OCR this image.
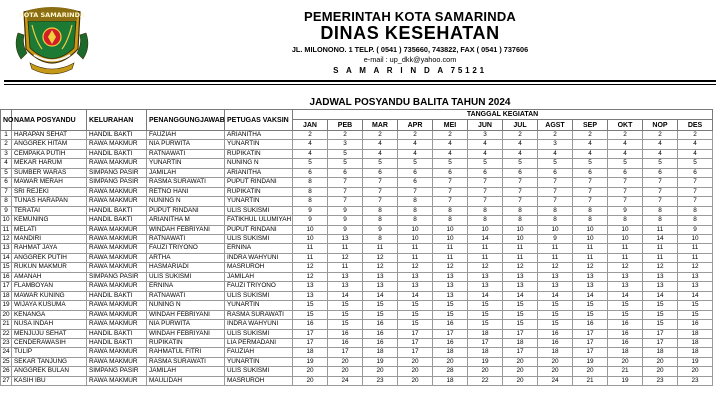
KOTA SAMARINDA	PEMERINTAH KOTA SAMARINDA
DINAS KESEHATAN
JL. MILONONO. 1 TELP. ( 0541 ) 735660, 743822, FAX ( 0541 ) 737606
e-mail : up_dkk@yahoo.com
S A M A R I N D A 75121
JADWAL POSYANDU BALITA TAHUN 2024
NO	NAMA POSYANDU	KELURAHAN	PENANGGUNGJAWAB	PETUGAS VAKSIN	TANGGAL KEGIATAN											
					JAN	PEB	MAR	APR	MEI	JUN	JUL	AGST	SEP	OKT	NOP	DES
1	HARAPAN SEHAT	HANDIL BAKTI	FAUZIAH	ARIANITHA	2	2	2	2	2	3	2	2	2	2	2	2
2	ANGGREK HITAM	RAWA MAKMUR	NIA PURWITA	YUNARTIN	4	3	4	4	4	4	4	3	4	4	4	4
3	CEMPAKA PUTIH	HANDIL BAKTI	RATNAWATI	RUPIKATIN	4	5	4	4	4	4	4	4	4	4	4	4
4	MEKAR HARUM	RAWA MAKMUR	YUNARTIN	NUNING N	5	5	5	5	5	5	5	5	5	5	5	5
5	SUMBER WARAS	SIMPANG PASIR	JAMILAH	ARIANITHA	6	6	6	6	6	6	6	6	6	6	6	6
6	MAWAR MERAH	SIMPANG PASIR	RASMA SURAWATI	PUPUT RINDANI	8	7	7	6	7	7	7	7	7	7	7	7
7	SRI REJEKI	RAWA MAKMUR	RETNO HANI	RUPIKATIN	8	7	7	7	7	7	7	7	7	7	7	7
8	TUNAS HARAPAN	RAWA MAKMUR	NUNING N	YUNARTIN	8	7	7	8	7	7	7	7	7	7	7	7
9	TERATAI	HANDIL BAKTI	PUPUT RINDANI	ULIS SUKISMI	9	9	8	8	8	8	8	8	8	9	8	8
10	KEMUNING	HANDIL BAKTI	ARIANITHA M	FATIKHUL ULUMIYAH	9	9	8	8	8	8	8	8	8	8	8	8
11	MELATI	RAWA MAKMUR	WINDAH FEBRIYANI	PUPUT RINDANI	10	9	9	10	10	10	10	10	10	10	11	9
12	MANDIRI	RAWA MAKMUR	RATNAWATI	ULIS SUKISMI	10	13	8	10	10	14	10	9	10	10	14	10
13	RAHMAT JAYA	RAWA MAKMUR	FAUZI TRIYONO	ERNINA	11	11	11	11	11	11	11	11	11	11	11	11
14	ANGGREK PUTIH	RAWA MAKMUR	ARTHA	INDRA WAHYUNI	11	12	12	11	11	11	11	11	11	11	11	11
15	RUKUN MAKMUR	RAWA MAKMUR	HASMARIADI	MASRUROH	12	11	12	12	12	12	12	12	12	12	12	12
16	AMANAH	SIMPANG PASIR	ULIS SUKISMI	JAMILAH	12	13	13	13	13	13	13	13	13	13	13	13
17	FLAMBOYAN	RAWA MAKMUR	ERNINA	FAUZI TRIYONO	13	13	13	13	13	13	13	13	13	13	13	13
18	MAWAR KUNING	HANDIL BAKTI	RATNAWATI	ULIS SUKISMI	13	14	14	14	13	14	14	14	14	14	14	14
19	WIJAYA KUSUMA	RAWA MAKMUR	NUNING N	YUNARTIN	15	15	15	15	15	15	15	15	15	15	15	15
20	KENANGA	RAWA MAKMUR	WINDAH FEBRIYANI	RASMA SURAWATI	15	15	15	15	15	15	15	15	15	15	15	15
21	NUSA INDAH	RAWA MAKMUR	NIA PURWITA	INDRA WAHYUNI	16	15	16	15	16	15	15	15	16	16	15	16
22	MENJUJU SEHAT	HANDIL BAKTI	WINDAH FEBRIYANI	ULIS SUKISMI	17	16	16	17	17	18	17	16	17	16	17	18
23	CENDERAWASIH	HANDIL BAKTI	RUPIKATIN	LIA PERMADANI	17	16	16	17	16	17	18	16	17	16	17	18
24	TULIP	RAWA MAKMUR	RAHMATUL FITRI	FAUZIAH	18	17	18	17	18	18	17	18	17	18	18	18
25	SEKAR TANJUNG	RAWA MAKMUR	RASMA SURAWATI	YUNARTIN	19	20	19	20	20	19	20	20	19	20	20	19
26	ANGGREK BULAN	SIMPANG PASIR	JAMILAH	ULIS SUKISMI	20	20	20	20	28	20	20	20	20	21	20	20
27	KASIH IBU	RAWA MAKMUR	MAULIDAH	MASRUROH	20	24	23	20	18	22	20	24	21	19	23	23
